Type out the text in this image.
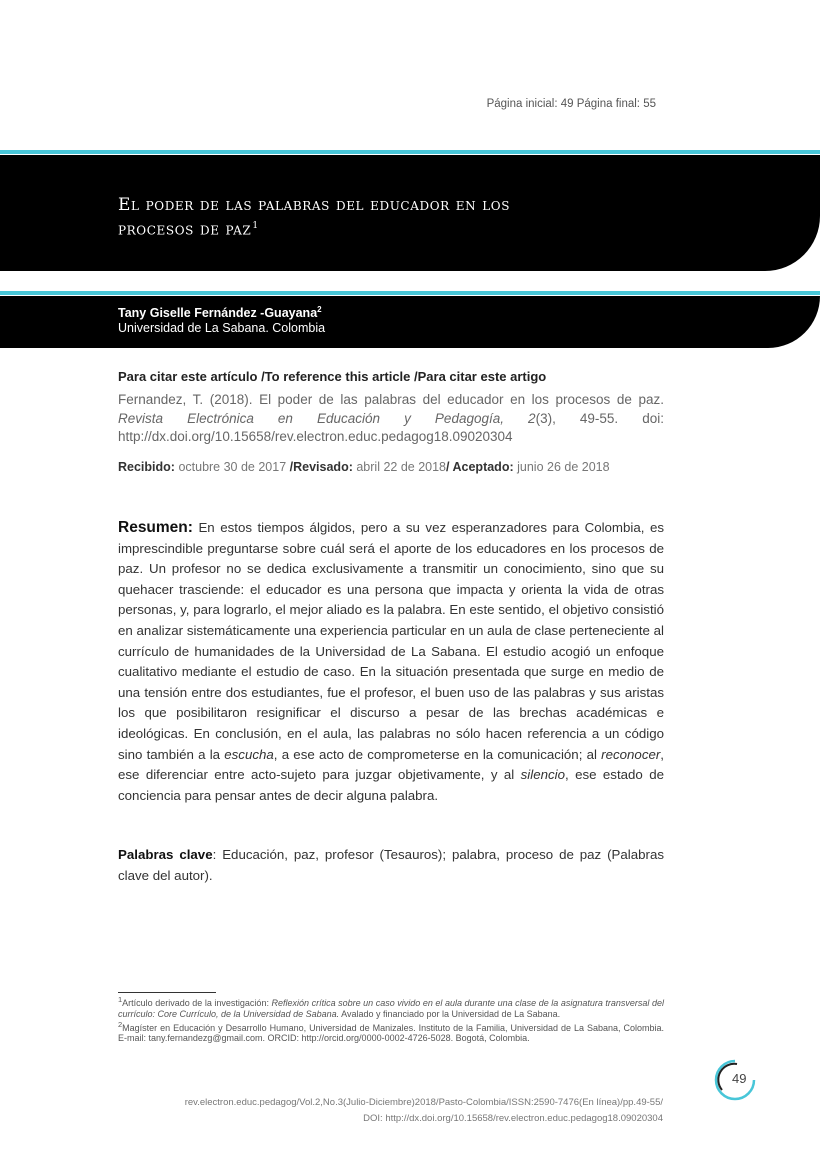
Página inicial: 49 Página final: 55
El poder de las palabras del educador en los procesos de paz$^1$
Tany Giselle Fernández -Guayana$^2$
Universidad de La Sabana. Colombia
Para citar este artículo /To reference this article /Para citar este artigo
Fernandez, T. (2018). El poder de las palabras del educador en los procesos de paz. Revista Electrónica en Educación y Pedagogía, 2(3), 49-55. doi: http://dx.doi.org/10.15658/rev.electron.educ.pedagog18.09020304
Recibido: octubre 30 de 2017 /Revisado: abril 22 de 2018/ Aceptado: junio 26 de 2018
Resumen: En estos tiempos álgidos, pero a su vez esperanzadores para Colombia, es imprescindible preguntarse sobre cuál será el aporte de los educadores en los procesos de paz. Un profesor no se dedica exclusivamente a transmitir un conocimiento, sino que su quehacer trasciende: el educador es una persona que impacta y orienta la vida de otras personas, y, para lograrlo, el mejor aliado es la palabra. En este sentido, el objetivo consistió en analizar sistemáticamente una experiencia particular en un aula de clase perteneciente al currículo de humanidades de la Universidad de La Sabana. El estudio acogió un enfoque cualitativo mediante el estudio de caso. En la situación presentada que surge en medio de una tensión entre dos estudiantes, fue el profesor, el buen uso de las palabras y sus aristas los que posibilitaron resignificar el discurso a pesar de las brechas académicas e ideológicas. En conclusión, en el aula, las palabras no sólo hacen referencia a un código sino también a la escucha, a ese acto de comprometerse en la comunicación; al reconocer, ese diferenciar entre acto-sujeto para juzgar objetivamente, y al silencio, ese estado de conciencia para pensar antes de decir alguna palabra.
Palabras clave: Educación, paz, profesor (Tesauros); palabra, proceso de paz (Palabras clave del autor).

$^1$Artículo derivado de la investigación: Reflexión crítica sobre un caso vivido en el aula durante una clase de la asignatura transversal del currículo: Core Currículo, de la Universidad de Sabana. Avalado y financiado por la Universidad de La Sabana.

$^2$Magíster en Educación y Desarrollo Humano, Universidad de Manizales. Instituto de la Familia, Universidad de La Sabana, Colombia. E-mail: tany.fernandezg@gmail.com. ORCID: http://orcid.org/0000-0002-4726-5028. Bogotá, Colombia.

49
rev.electron.educ.pedagog/Vol.2,No.3(Julio-Diciembre)2018/Pasto-Colombia/ISSN:2590-7476(En línea)/pp.49-55/
DOI: http://dx.doi.org/10.15658/rev.electron.educ.pedagog18.09020304
